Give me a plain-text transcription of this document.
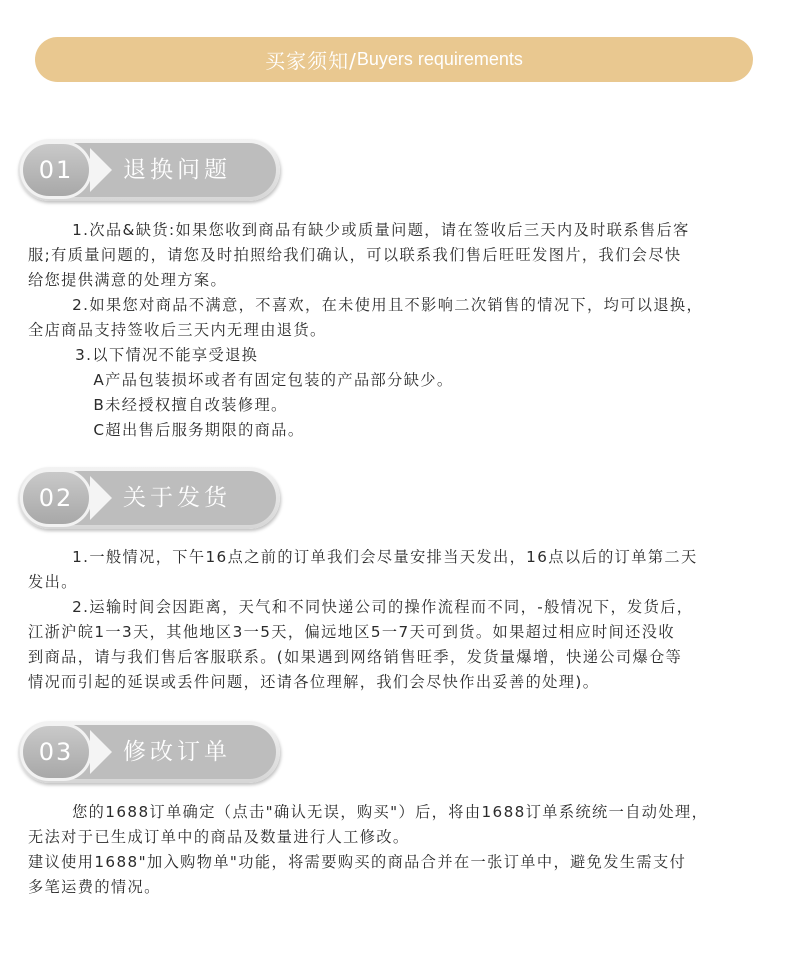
买家须知/ Buyers requirements
01	退换问题

1.次品&缺货:如果您收到商品有缺少或质量问题，请在签收后三天内及时联系售后客

服;有质量问题的，请您及时拍照给我们确认，可以联系我们售后旺旺发图片，我们会尽快

给您提供满意的处理方案。

2.如果您对商品不满意，不喜欢，在未使用且不影响二次销售的情况下，均可以退换，

全店商品支持签收后三天内无理由退货。

3.以下情况不能享受退换

A产品包装损坏或者有固定包装的产品部分缺少。

B未经授权擅自改装修理。

C超出售后服务期限的商品。

02	关于发货

1.一般情况，下午16点之前的订单我们会尽量安排当天发出，16点以后的订单第二天

发出。

2.运输时间会因距离，天气和不同快递公司的操作流程而不同，-般情况下，发货后，

江浙沪皖1一3天，其他地区3一5天，偏远地区5一7天可到货。如果超过相应时间还没收

到商品，请与我们售后客服联系。(如果遇到网络销售旺季，发货量爆增，快递公司爆仓等

情况而引起的延误或丢件问题，还请各位理解，我们会尽快作出妥善的处理)。

03	修改订单

您的1688订单确定（点击"确认无误，购买"）后，将由1688订单系统统一自动处理，

无法对于已生成订单中的商品及数量进行人工修改。

建议使用1688"加入购物单"功能，将需要购买的商品合并在一张订单中，避免发生需支付

多笔运费的情况。
